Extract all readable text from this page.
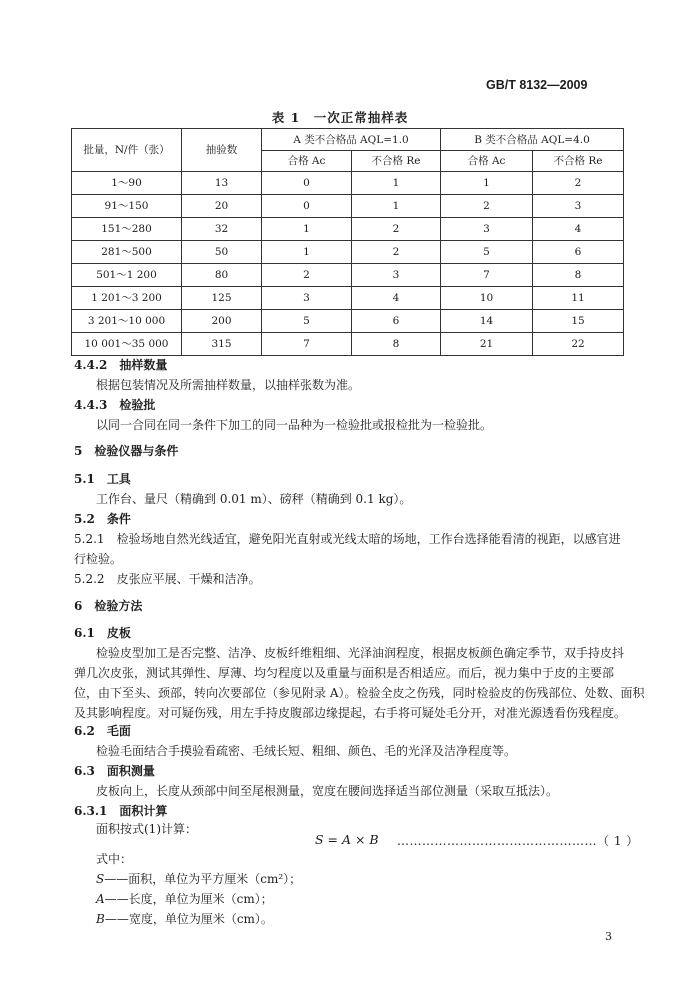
GB/T 8132—2009
表 1　一次正常抽样表
批量，N/件（张）	抽验数	A 类不合格品 AQL=1.0		B 类不合格品 AQL=4.0	
		合格 Ac	不合格 Re	合格 Ac	不合格 Re
1～90	13	0	1	1	2
91～150	20	0	1	2	3
151～280	32	1	2	3	4
281～500	50	1	2	5	6
501～1 200	80	2	3	7	8
1 201～3 200	125	3	4	10	11
3 201～10 000	200	5	6	14	15
10 001～35 000	315	7	8	21	22
4.4.2　 抽样数量
根据包装情况及所需抽样数量，以抽样张数为准。
4.4.3　 检验批
以同一合同在同一条件下加工的同一品种为一检验批或报检批为一检验批。
5　 检验仪器与条件
5.1　 工具
工作台、量尺（精确到 0.01 m）、磅秤（精确到 0.1 kg）。
5.2　 条件
5.2.1　 检验场地自然光线适宜，避免阳光直射或光线太暗的场地，工作台选择能看清的视距，以感官进
行检验。
5.2.2　 皮张应平展、干燥和洁净。
6　 检验方法
6.1　 皮板
检验皮型加工是否完整、洁净、皮板纤维粗细、光泽油润程度，根据皮板颜色确定季节，双手持皮抖
弹几次皮张，测试其弹性、厚薄、均匀程度以及重量与面积是否相适应。而后，视力集中于皮的主要部
位，由下至头、颈部，转向次要部位（参见附录 A）。检验全皮之伤残，同时检验皮的伤残部位、处数、面积
及其影响程度。对可疑伤残，用左手持皮腹部边缘提起，右手将可疑处毛分开，对准光源透看伤残程度。
6.2　 毛面
检验毛面结合手摸验看疏密、毛绒长短、粗细、颜色、毛的光泽及洁净程度等。
6.3　 面积测量
皮板向上，长度从颈部中间至尾根测量，宽度在腰间选择适当部位测量（采取互抵法）。
6.3.1　 面积计算
面积按式(1)计算：
S = A × B …………………………………………（ 1 ）
式中：
S——面积，单位为平方厘米（cm²）；
A——长度，单位为厘米（cm）；
B——宽度，单位为厘米（cm）。
3
